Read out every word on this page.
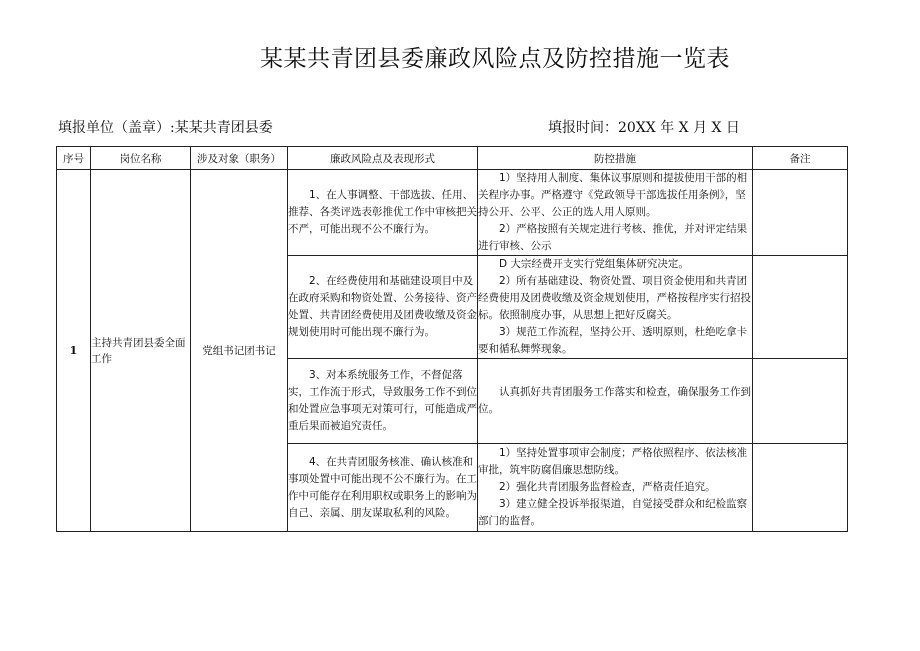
某某共青团县委廉政风险点及防控措施一览表
填报单位（盖章）:某某共青团县委	填报时间：20XX 年 X 月 X 日
序号	岗位名称	涉及对象（职务）	廉政风险点及表现形式	防控措施	备注
1	主持共青团县委全面工作	党组书记团书记	1、在人事调整、干部选拔、任用、推荐、各类评选表彰推优工作中审核把关不严，可能出现不公不廉行为。	1）坚持用人制度、集体议事原则和提拔使用干部的相关程序办事。严格遵守《党政领导干部选拔任用条例》，坚持公开、公平、公正的选人用人原则。
2）严格按照有关规定进行考核、推优，并对评定结果进行审核、公示	

			2、在经费使用和基础建设项目中及在政府采购和物资处置、公务接待、资产处置、共青团经费使用及团费收缴及资金规划使用时可能出现不廉行为。	D 大宗经费开支实行党组集体研究决定。
2）所有基础建设、物资处置、项目资金使用和共青团经费使用及团费收缴及资金规划使用，严格按程序实行招投标。依照制度办事，从思想上把好反腐关。
3）规范工作流程，坚持公开、透明原则，杜绝吃拿卡要和循私舞弊现象。	

			3、对本系统服务工作，不督促落实，工作流于形式，导致服务工作不到位和处置应急事项无对策可行，可能造成严重后果而被追究责任。	认真抓好共青团服务工作落实和检查，确保服务工作到位。	

			4、在共青团服务核准、确认核准和事项处置中可能出现不公不廉行为。在工作中可能存在利用职权或职务上的影响为自己、亲属、朋友谋取私利的风险。	1）坚持处置事项审会制度；严格依照程序、依法核准审批，筑牢防腐倡廉思想防线。
2）强化共青团服务监督检查，严格责任追究。
3）建立健全投诉举报渠道，自觉接受群众和纪检监察部门的监督。	
